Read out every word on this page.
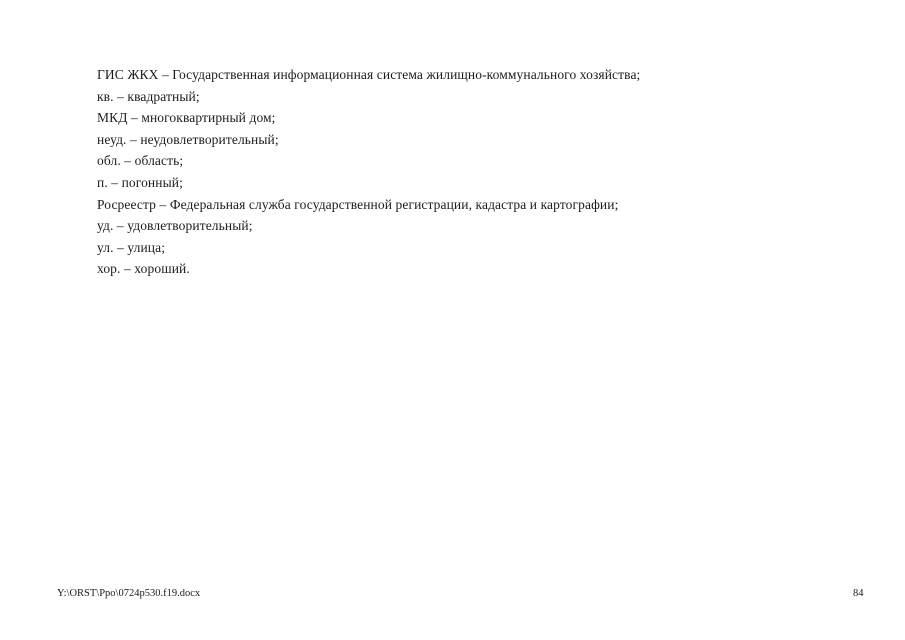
ГИС ЖКХ – Государственная информационная система жилищно-коммунального хозяйства;
кв. – квадратный;
МКД – многоквартирный дом;
неуд. – неудовлетворительный;
обл. – область;
п. – погонный;
Росреестр – Федеральная служба государственной регистрации, кадастра и картографии;
уд. – удовлетворительный;
ул. – улица;
хор. – хороший.
Y:\ORST\Ppo\0724p530.f19.docx	84
